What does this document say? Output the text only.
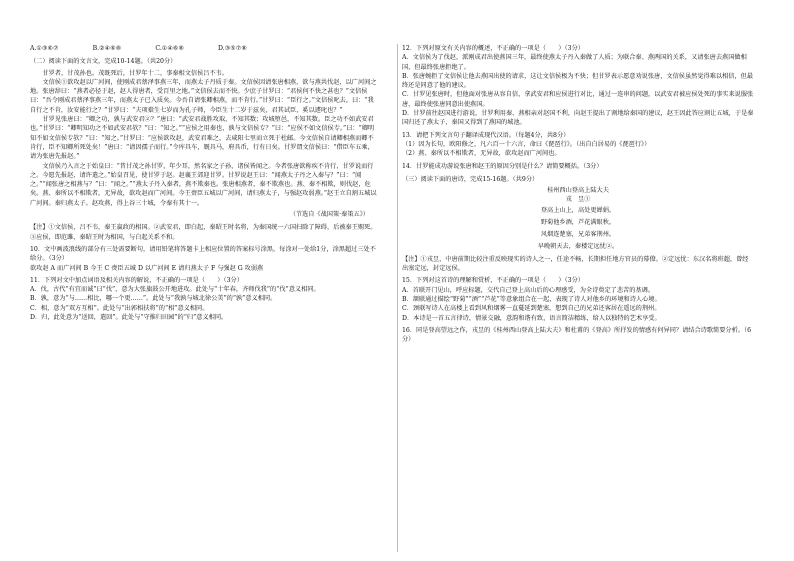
A.①③⑥⑦	B.②④⑥⑧	C.①④⑥⑧	D.③⑤⑦⑧

（二）阅读下面的文言文，完成10-14题。（共20分）

甘罗者，甘茂孙也。茂既死后，甘罗年十二，事秦相文信侯吕不韦。

文信侯①欲攻赵以广河间，使刚成君蔡泽事燕三年，而燕太子丹质于秦。文信侯因请张唐相燕，欲与燕共伐赵，以广河间之地。张唐辞曰：“燕者必径于赵，赵人得唐者，受百里之地。”文信侯去而不快。少庶子甘罗曰：“君侯何不快之甚也？”文信侯曰：“吾令刚成君蔡泽事燕三年，而燕太子已入质矣。今吾自请张卿相燕，而不肯行。”甘罗曰：“臣行之。”文信侯叱去，曰：“我自行之不肯，汝安能行之？”甘罗曰：“夫项橐生七岁而为孔子师，今臣生十二岁于兹矣，君其试臣，奚以遽叱也？”

甘罗见张唐曰：“卿之功，孰与武安君②？”唐曰：“武安君战胜攻取，不知其数；攻城堕邑，不知其数。臣之功不如武安君也。”甘罗曰：“卿明知功之不如武安君欤？”曰：“知之。”“应侯之用秦也，孰与文信侯专？”曰：“应侯不如文信侯专。”曰：“卿明知不如文信侯专欤？”曰：“知之。”甘罗曰：“应侯欲攻赵，武安君难之，去咸阳七里而立死于杜邮。今文信侯自请卿相燕而卿不肯行，臣不知卿所死处矣！”唐曰：“请因孺子而行。”令库具车，厩具马，府具币，行有日矣。甘罗谓文信侯曰：“借臣车五乘，请为张唐先报赵。”

文信侯乃入言之于始皇曰：“昔甘茂之孙甘罗，年少耳，然名家之子孙，诸侯皆闻之。今者张唐欲称疾不肯行，甘罗说而行之。今愿先报赵，请许遣之。”始皇召见，使甘罗于赵。赵襄王郊迎甘罗。甘罗说赵王曰：“闻燕太子丹之入秦与？”曰：“闻之。”“闻张唐之相燕与？”曰：“闻之。”“燕太子丹入秦者，燕不欺秦也。张唐相燕者，秦不欺燕也。燕、秦不相欺，则伐赵，危矣。燕、秦所以不相欺者，无异故，欲攻赵而广河间。今王赍臣五城以广河间，请归燕太子，与强赵攻弱燕。”赵王立自割五城以广河间。秦归燕太子。赵攻燕，得上谷三十城，令秦有其十一。

（节选自《战国策·秦策五》）

【注】①文信侯，吕不韦，秦王嬴政的相国。②武安君，即白起，秦昭王时名将，为秦国统一六国扫除了障碍，后被秦王赐死。③应侯，即范雎，秦昭王时为相国，与白起关系不和。

10．文中画波浪线的部分有三处需要断句，请用铅笔将答题卡上相应位置的答案标号涂黑，每涂对一处给1分，涂黑超过三处不给分。（3分）

欲攻赵 A 而广河间 B 今王 C 赍臣五城 D 以广河间 E 请归燕太子 F 与强赵 G 攻弱燕

11．下列对文中加点词语及相关内容的解说，不正确的一项是（　　）（3分）

A．伐，古代“有宜而诚”曰“伐”，意为大张旗鼓公开地进攻。此处与“十年春，齐师伐我”的“伐”意义相同。

B．孰，意为“与……相比，哪一个更……”。此处与“我孰与城北徐公美”的“孰”意义相同。

C．相，意为“双方互相”。此处与“出郭相扶将”的“相”意义相同。

D．归，此处意为“送回，遣回”。此处与“守推归田园”的“归”意义相同。

12．下列对原文有关内容的概述，不正确的一项是（　　）（3分）

A．文信侯为了伐赵，派刚成君出使燕国三年，最终使燕太子丹入秦做了人质；为联合秦、燕两国的关系，又请张唐去燕国做相国，但最终张唐拒绝了。

B．张唐婉拒了文信侯让他去燕国出使的请求，这让文信侯极为不快；但甘罗表示愿意劝说张唐，文信侯虽然觉得难以相信，但最终还是同意了他的建议。

C．甘罗见张唐时，但他面对张唐从容自信，拿武安君和应侯进行对比，通过一连串的问题，以武安君被应侯处死的事实来说服张唐，最终使张唐同意出使燕国。

D．甘罗前往赵国进行游说，甘罗利用秦、燕相亲对赵国不利，向赵王提出了割地给秦国的建议，赵王因此答应割让五城，于是秦国归还了燕太子，秦国又得到了燕国的城池。

13．请把下列文言句子翻译成现代汉语。（每题4分，共8分）

（1）因为长句，欧阳修之，凡六百一十六言，命曰《琵琶行》。（出自白居易的《琵琶行》）

（2）燕、秦所以不相欺者，无异故，欲攻赵而广河间也。

14．甘罗能成功游说张唐和赵王的原因分别是什么？请简要概括。（3分）

（三）阅读下面的唐诗，完成15-16题。（共9分）

桂州西山登高上陆大夫

戎　昱①

登高上山上，高处更婵娟。

野菊他乡酒，芦花满眼秋。

风烟连楚塞，兄弟客荆州。

早晚朝天去，秦楼定远忧②。

【注】①戎昱，中唐前期比较注重反映现实的诗人之一，任途不畅，长期担任地方官员的幕僚。②定远忧：东汉名将班超，曾经出塞定远，封定远侯。

15．下列对这首诗的理解和赏析，不正确的一项是（　　）（3分）

A．首联开门见山，呼应标题，交代自己登上高山后的心理感受，为全诗奠定了悲苦的基调。

B．颔联通过描绘“野菊”“酒”“芦花”等意象组合在一起，表现了诗人对他乡的环境和诗人心境。

C．颈联写诗人在高楼上看到风和烟雾一直蔓延到楚塞，想到自己的兄弟还客居在遥远的荆州。

D．本诗是一首五言律诗，情景交融，意韵和谐有致，语言简洁精练，给人以独特的艺术享受。

16．同是登高望远之作，戎昱的《桂州西山登高上陆大夫》和杜甫的《登高》所抒发的情感有何异同？请结合诗歌简要分析。（6分）
